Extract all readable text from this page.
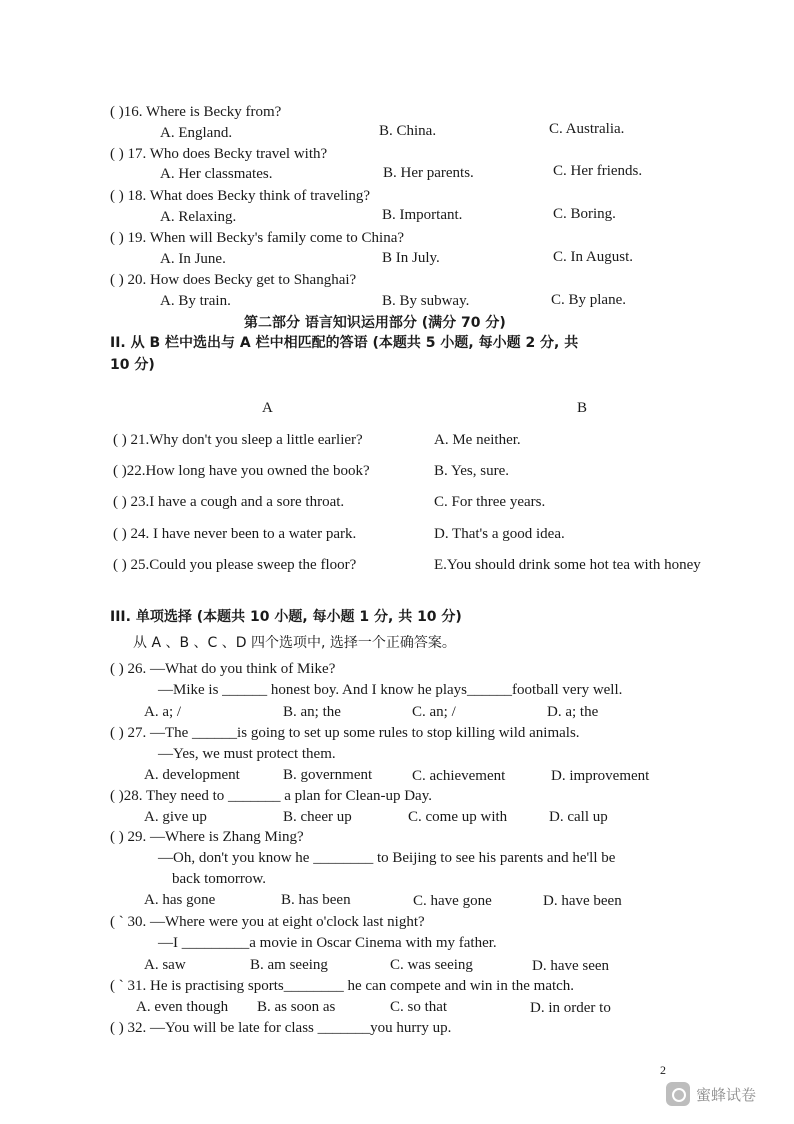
( )16. Where is Becky from?
A. England.	B. China.	C. Australia.
( ) 17. Who does Becky travel with?
A. Her classmates.	B. Her parents.	C. Her friends.
( ) 18. What does Becky think of traveling?
A. Relaxing.	B. Important.	C. Boring.
( ) 19. When will Becky's family come to China?
A. In June.	B In July.	C. In August.
( ) 20. How does Becky get to Shanghai?
A. By train.	B. By subway.	C. By plane.
第二部分 语言知识运用部分 (满分 70 分)
II. 从 B 栏中选出与 A 栏中相匹配的答语 (本题共 5 小题, 每小题 2 分, 共
10 分)
A	B
( ) 21.Why don't you sleep a little earlier?	A. Me neither.
( )22.How long have you owned the book?	B. Yes, sure.
( ) 23.I have a cough and a sore throat.	C. For three years.
( ) 24. I have never been to a water park.	D. That's a good idea.
( ) 25.Could you please sweep the floor?	E.You should drink some hot tea with honey
III. 单项选择 (本题共 10 小题, 每小题 1 分, 共 10 分)
从 A 、B 、C 、D 四个选项中, 选择一个正确答案。
( ) 26. —What do you think of Mike?
—Mike is ______ honest boy. And I know he plays______football very well.
A. a; /	B. an; the	C. an; /	D. a; the
( ) 27. —The ______is going to set up some rules to stop killing wild animals.
—Yes, we must protect them.
A. development	B. government	C. achievement	D. improvement
( )28. They need to _______ a plan for Clean-up Day.
A. give up	B. cheer up	C. come up with	D. call up
( ) 29. —Where is Zhang Ming?
—Oh, don't you know he ________ to Beijing to see his parents and he'll be
back tomorrow.
A. has gone	B. has been	C. have gone	D. have been
( ` 30. —Where were you at eight o'clock last night?
—I _________a movie in Oscar Cinema with my father.
A. saw	B. am seeing	C. was seeing	D. have seen
( ` 31. He is practising sports________ he can compete and win in the match.
A. even though B. as soon as	C. so that	D. in order to
( ) 32. —You will be late for class _______you hurry up.
2
蜜蜂试卷
